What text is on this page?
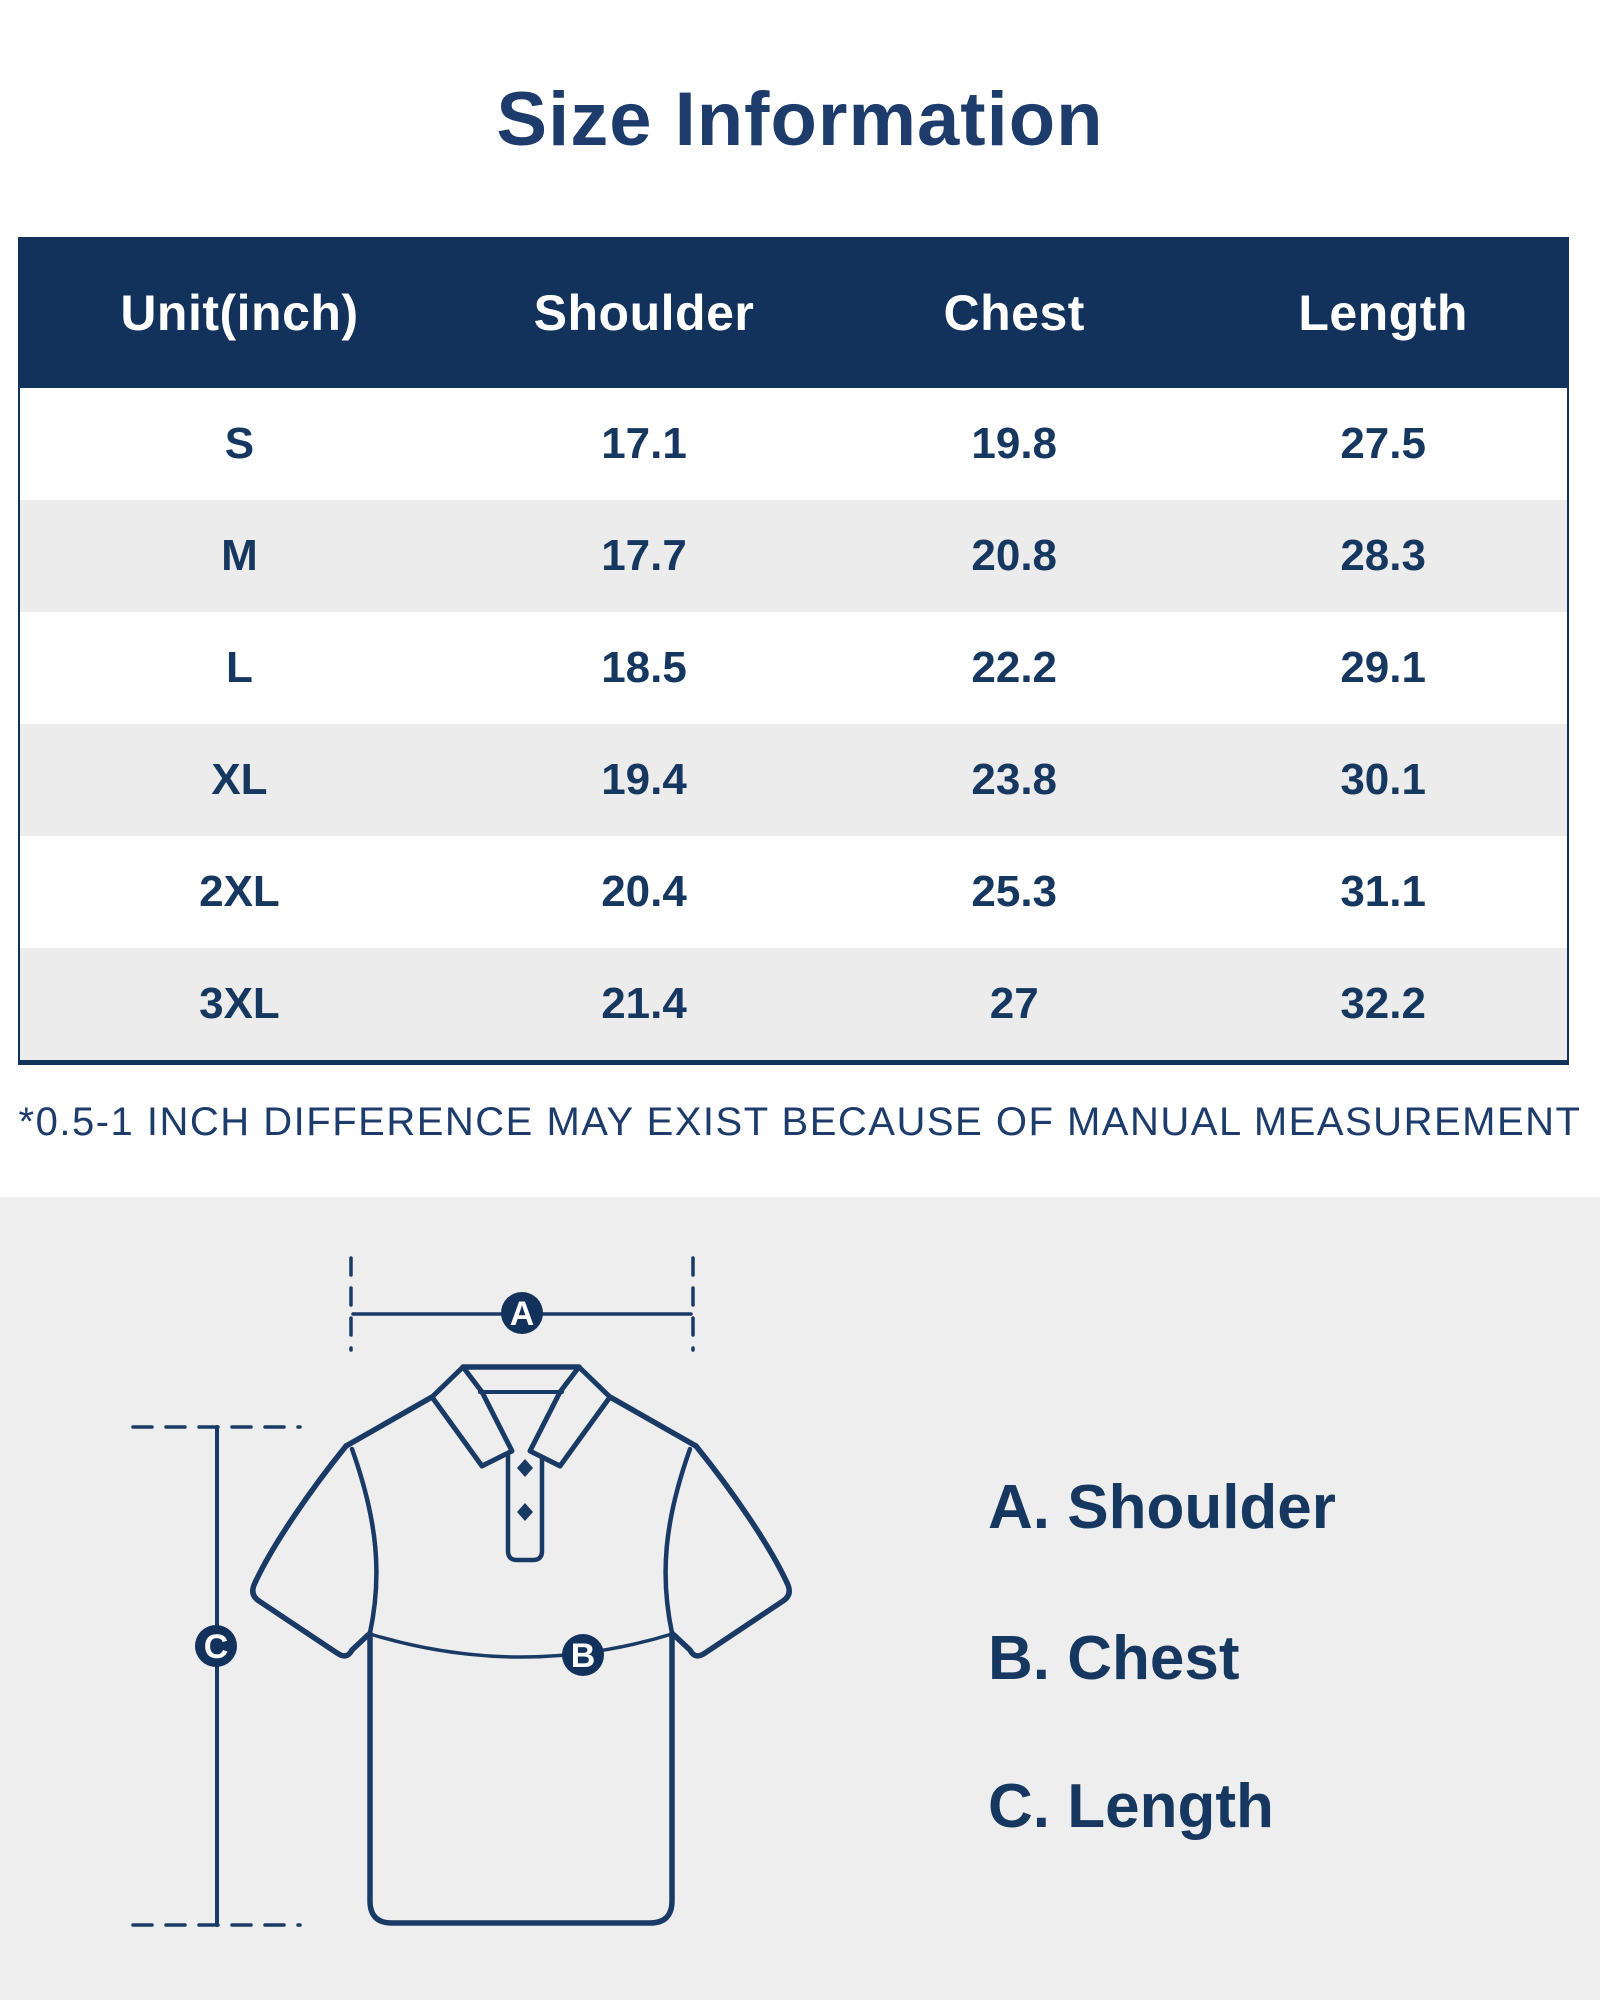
Size Information
Unit(inch)	Shoulder	Chest	Length
S	17.1	19.8	27.5
M	17.7	20.8	28.3
L	18.5	22.2	29.1
XL	19.4	23.8	30.1
2XL	20.4	25.3	31.1
3XL	21.4	27	32.2
*0.5-1 INCH DIFFERENCE MAY EXIST BECAUSE OF MANUAL MEASUREMENT
A
B
C
A. Shoulder
B. Chest
C. Length
